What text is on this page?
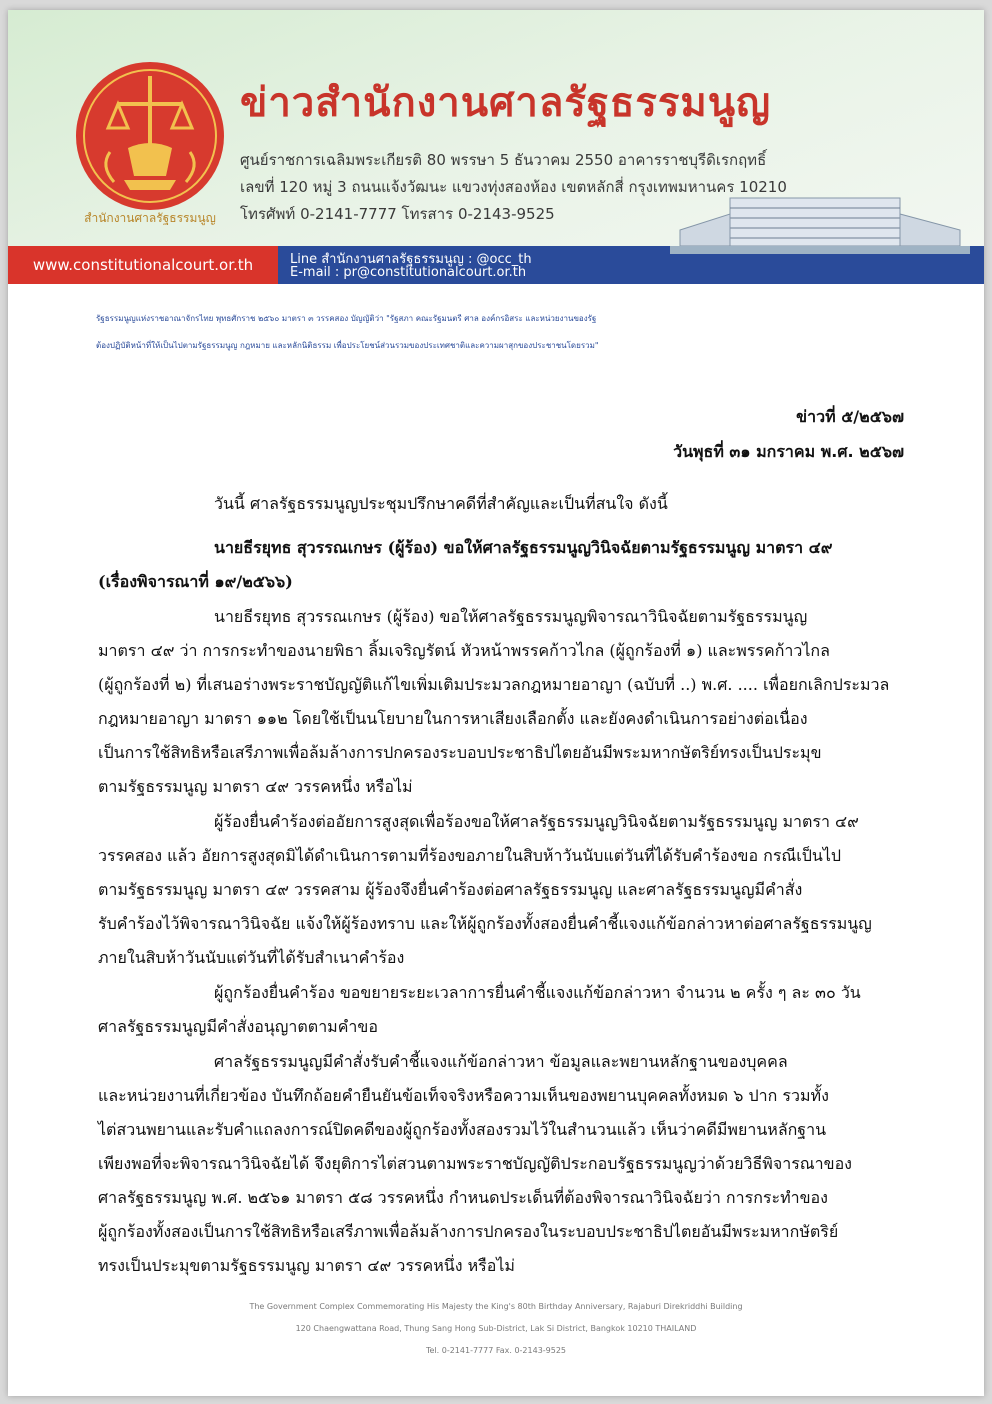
สำนักงานศาลรัฐธรรมนูญ
ข่าวสำนักงานศาลรัฐธรรมนูญ
ศูนย์ราชการเฉลิมพระเกียรติ 80 พรรษา 5 ธันวาคม 2550 อาคารราชบุรีดิเรกฤทธิ์
เลขที่ 120 หมู่ 3 ถนนแจ้งวัฒนะ แขวงทุ่งสองห้อง เขตหลักสี่ กรุงเทพมหานคร 10210
โทรศัพท์ 0-2141-7777 โทรสาร 0-2143-9525
www.constitutionalcourt.or.th	Line สำนักงานศาลรัฐธรรมนูญ : @occ_th
E-mail : pr@constitutionalcourt.or.th
รัฐธรรมนูญแห่งราชอาณาจักรไทย พุทธศักราช ๒๕๖๐ มาตรา ๓ วรรคสอง บัญญัติว่า "รัฐสภา คณะรัฐมนตรี ศาล องค์กรอิสระ และหน่วยงานของรัฐ
ต้องปฏิบัติหน้าที่ให้เป็นไปตามรัฐธรรมนูญ กฎหมาย และหลักนิติธรรม เพื่อประโยชน์ส่วนรวมของประเทศชาติและความผาสุกของประชาชนโดยรวม"
ข่าวที่ ๕/๒๕๖๗
วันพุธที่ ๓๑ มกราคม พ.ศ. ๒๕๖๗
วันนี้ ศาลรัฐธรรมนูญประชุมปรึกษาคดีที่สำคัญและเป็นที่สนใจ ดังนี้
นายธีรยุทธ สุวรรณเกษร (ผู้ร้อง) ขอให้ศาลรัฐธรรมนูญวินิจฉัยตามรัฐธรรมนูญ มาตรา ๔๙
(เรื่องพิจารณาที่ ๑๙/๒๕๖๖)
นายธีรยุทธ สุวรรณเกษร (ผู้ร้อง) ขอให้ศาลรัฐธรรมนูญพิจารณาวินิจฉัยตามรัฐธรรมนูญ
มาตรา ๔๙ ว่า การกระทำของนายพิธา ลิ้มเจริญรัตน์ หัวหน้าพรรคก้าวไกล (ผู้ถูกร้องที่ ๑) และพรรคก้าวไกล
(ผู้ถูกร้องที่ ๒) ที่เสนอร่างพระราชบัญญัติแก้ไขเพิ่มเติมประมวลกฎหมายอาญา (ฉบับที่ ..) พ.ศ. .... เพื่อยกเลิกประมวล
กฎหมายอาญา มาตรา ๑๑๒ โดยใช้เป็นนโยบายในการหาเสียงเลือกตั้ง และยังคงดำเนินการอย่างต่อเนื่อง
เป็นการใช้สิทธิหรือเสรีภาพเพื่อล้มล้างการปกครองระบอบประชาธิปไตยอันมีพระมหากษัตริย์ทรงเป็นประมุข
ตามรัฐธรรมนูญ มาตรา ๔๙ วรรคหนึ่ง หรือไม่
ผู้ร้องยื่นคำร้องต่ออัยการสูงสุดเพื่อร้องขอให้ศาลรัฐธรรมนูญวินิจฉัยตามรัฐธรรมนูญ มาตรา ๔๙
วรรคสอง แล้ว อัยการสูงสุดมิได้ดำเนินการตามที่ร้องขอภายในสิบห้าวันนับแต่วันที่ได้รับคำร้องขอ กรณีเป็นไป
ตามรัฐธรรมนูญ มาตรา ๔๙ วรรคสาม ผู้ร้องจึงยื่นคำร้องต่อศาลรัฐธรรมนูญ และศาลรัฐธรรมนูญมีคำสั่ง
รับคำร้องไว้พิจารณาวินิจฉัย แจ้งให้ผู้ร้องทราบ และให้ผู้ถูกร้องทั้งสองยื่นคำชี้แจงแก้ข้อกล่าวหาต่อศาลรัฐธรรมนูญ
ภายในสิบห้าวันนับแต่วันที่ได้รับสำเนาคำร้อง
ผู้ถูกร้องยื่นคำร้อง ขอขยายระยะเวลาการยื่นคำชี้แจงแก้ข้อกล่าวหา จำนวน ๒ ครั้ง ๆ ละ ๓๐ วัน
ศาลรัฐธรรมนูญมีคำสั่งอนุญาตตามคำขอ
ศาลรัฐธรรมนูญมีคำสั่งรับคำชี้แจงแก้ข้อกล่าวหา ข้อมูลและพยานหลักฐานของบุคคล
และหน่วยงานที่เกี่ยวข้อง บันทึกถ้อยคำยืนยันข้อเท็จจริงหรือความเห็นของพยานบุคคลทั้งหมด ๖ ปาก รวมทั้ง
ไต่สวนพยานและรับคำแถลงการณ์ปิดคดีของผู้ถูกร้องทั้งสองรวมไว้ในสำนวนแล้ว เห็นว่าคดีมีพยานหลักฐาน
เพียงพอที่จะพิจารณาวินิจฉัยได้ จึงยุติการไต่สวนตามพระราชบัญญัติประกอบรัฐธรรมนูญว่าด้วยวิธีพิจารณาของ
ศาลรัฐธรรมนูญ พ.ศ. ๒๕๖๑ มาตรา ๕๘ วรรคหนึ่ง กำหนดประเด็นที่ต้องพิจารณาวินิจฉัยว่า การกระทำของ
ผู้ถูกร้องทั้งสองเป็นการใช้สิทธิหรือเสรีภาพเพื่อล้มล้างการปกครองในระบอบประชาธิปไตยอันมีพระมหากษัตริย์
ทรงเป็นประมุขตามรัฐธรรมนูญ มาตรา ๔๙ วรรคหนึ่ง หรือไม่
The Government Complex Commemorating His Majesty the King's 80th Birthday Anniversary, Rajaburi Direkriddhi Building
120 Chaengwattana Road, Thung Sang Hong Sub-District, Lak Si District, Bangkok 10210 THAILAND
Tel. 0-2141-7777 Fax. 0-2143-9525
